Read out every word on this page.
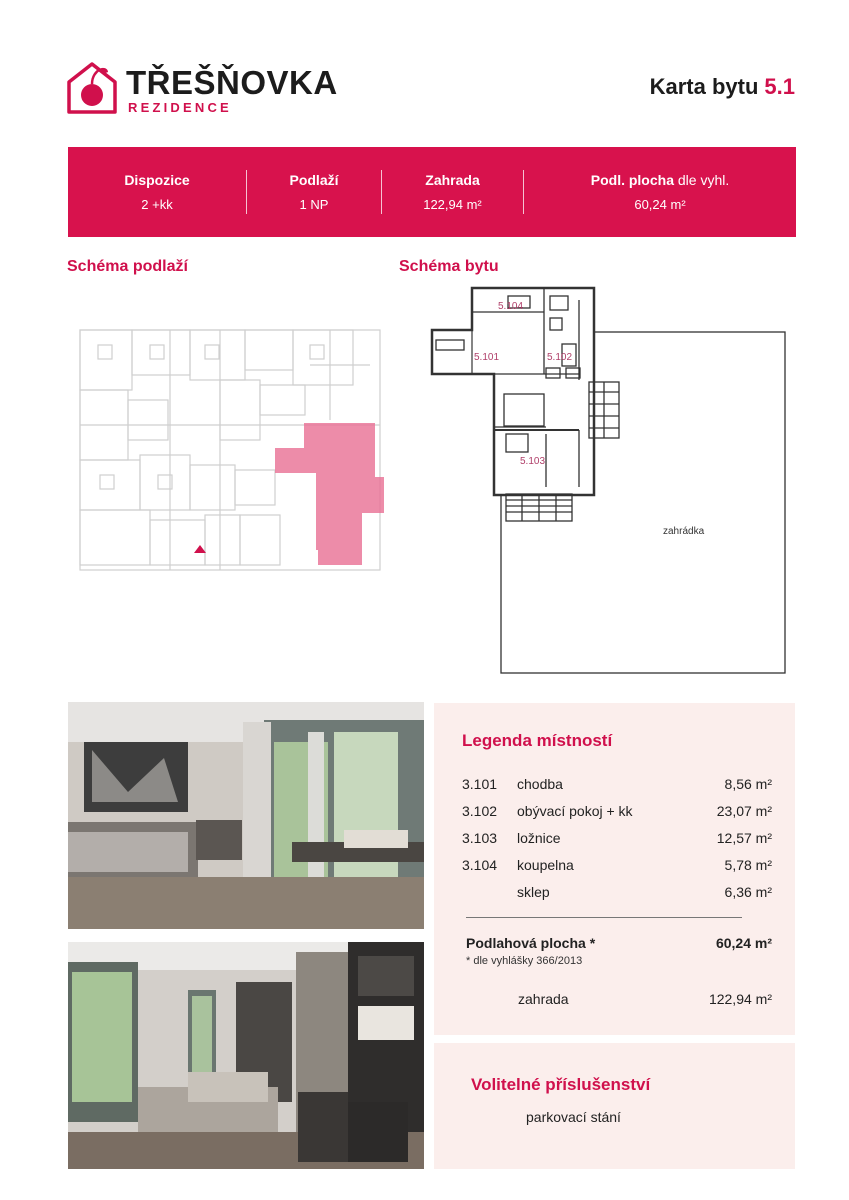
TŘEŠŇOVKA
REZIDENCE
Karta bytu 5.1
Dispozice
2 +kk
Podlaží
1 NP
Zahrada
122,94 m²
Podl. plocha dle vyhl.
60,24 m²
Schéma podlaží	Schéma bytu
5.104
5.101	5.102
5.103
zahrádka
Legenda místností
3.101 chodba	8,56 m²
3.102 obývací pokoj + kk	23,07 m²
3.103 ložnice	12,57 m²
3.104 koupelna	5,78 m²
sklep	6,36 m²
Podlahová plocha *	60,24 m²
* dle vyhlášky 366/2013
zahrada	122,94 m²
Volitelné příslušenství
parkovací stání
